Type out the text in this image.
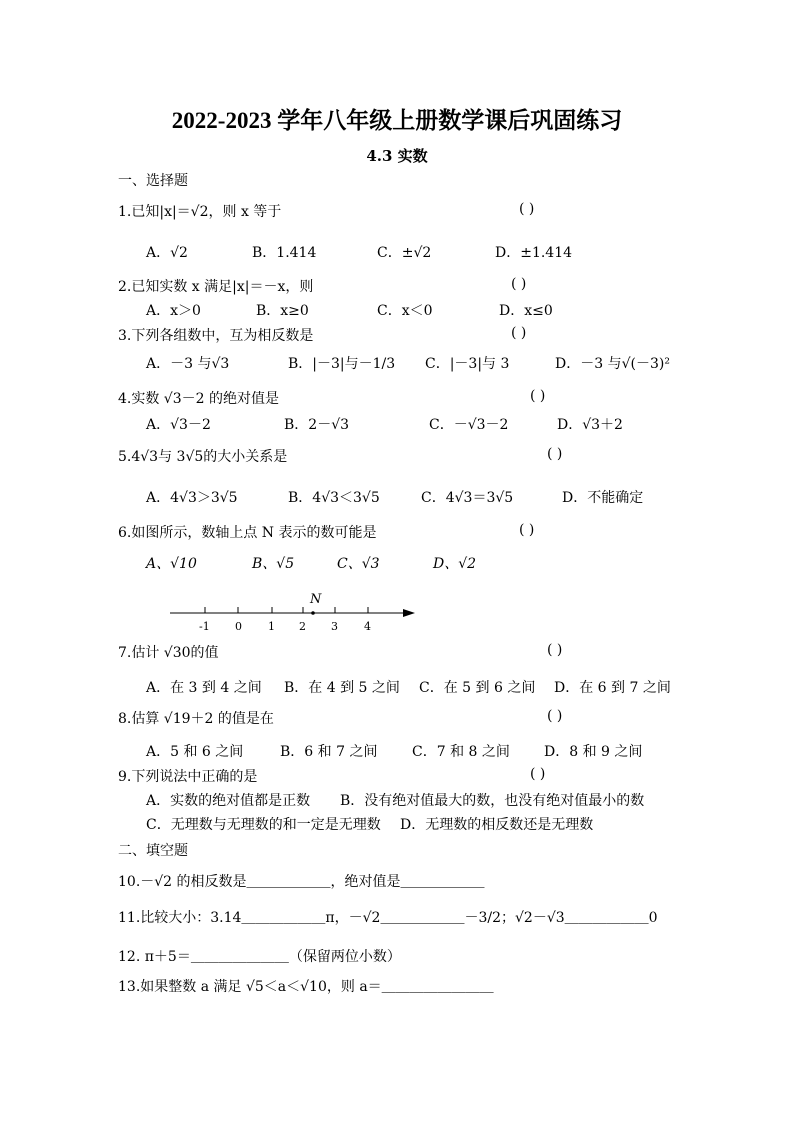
2022-2023 学年八年级上册数学课后巩固练习
4.3 实数
一、选择题
1.已知|x|＝√2，则 x 等于	( )
A．√2	B．1.414	C．±√2	D．±1.414
2.已知实数 x 满足|x|＝－x，则	( )
A．x＞0	B．x≥0	C．x＜0	D．x≤0
3.下列各组数中，互为相反数是	( )
A．－3 与√3	B．|－3|与－1/3 C．|－3|与 3	D．－3 与√(－3)²
4.实数 √3－2 的绝对值是	( )
A．√3－2	B．2－√3	C．－√3－2	D．√3＋2
5.4√3与 3√5的大小关系是	( )
A．4√3＞3√5	B．4√3＜3√5	C．4√3＝3√5	D．不能确定
6.如图所示，数轴上点 N 表示的数可能是	( )
A、√10	B、√5	C、√3	D、√2
N
-1 0 1 2 3 4
7.估计 √30的值	( )
A．在 3 到 4 之间 B．在 4 到 5 之间 C．在 5 到 6 之间 D．在 6 到 7 之间
8.估算 √19＋2 的值是在	( )
A．5 和 6 之间	B．6 和 7 之间 C．7 和 8 之间 D．8 和 9 之间
9.下列说法中正确的是	( )
A．实数的绝对值都是正数 B．没有绝对值最大的数，也没有绝对值最小的数
C．无理数与无理数的和一定是无理数 D．无理数的相反数还是无理数
二、填空题
10.－√2 的相反数是＿＿＿＿＿＿，绝对值是＿＿＿＿＿＿
11.比较大小：3.14＿＿＿＿＿＿π，－√2＿＿＿＿＿＿－3/2；√2－√3＿＿＿＿＿＿0
12. π＋5＝＿＿＿＿＿＿＿（保留两位小数）
13.如果整数 a 满足 √5＜a＜√10，则 a＝＿＿＿＿＿＿＿＿
